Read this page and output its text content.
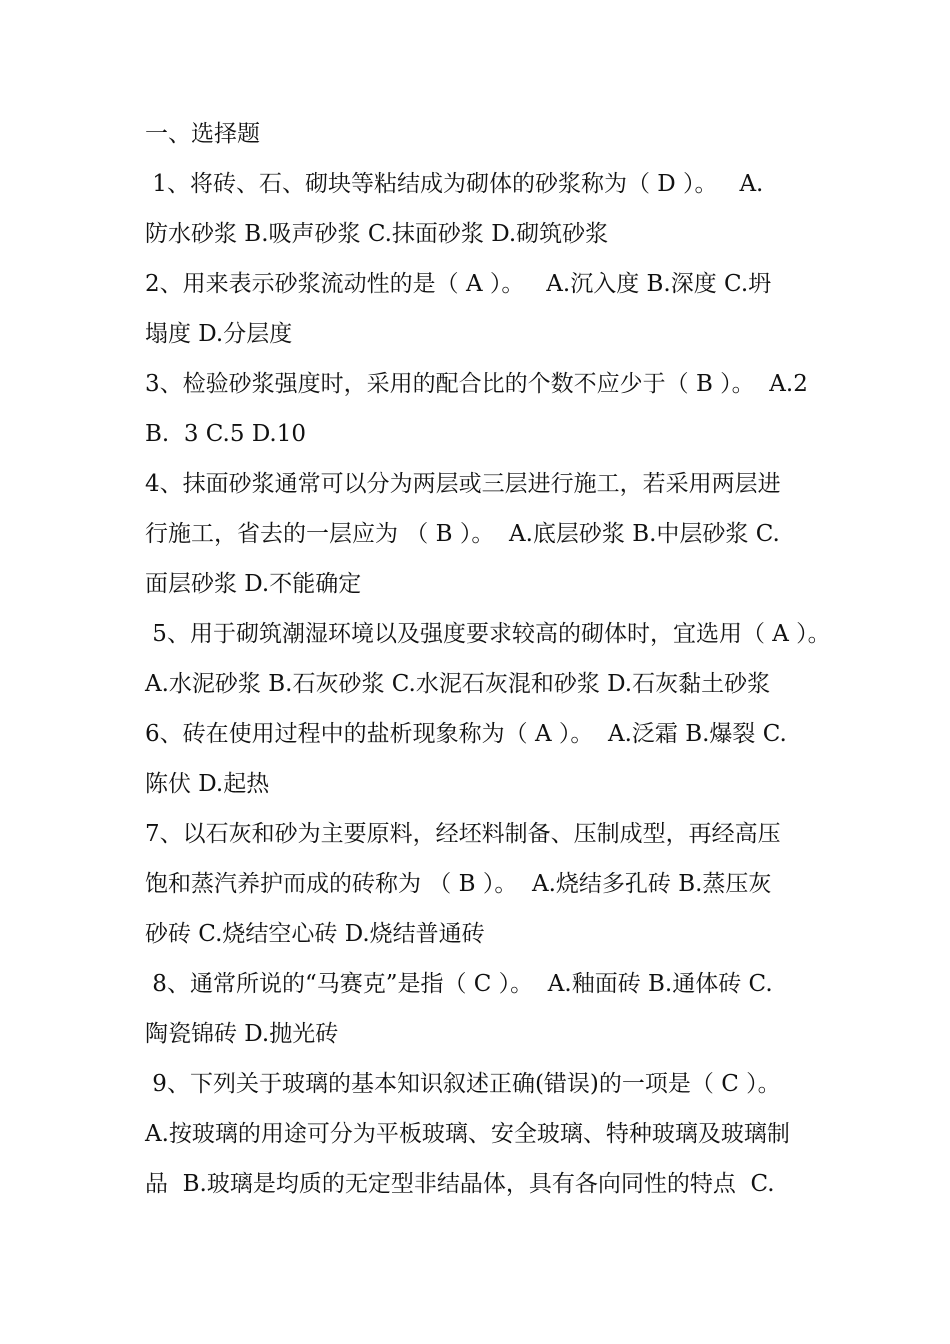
一、选择题
1、将砖、石、砌块等粘结成为砌体的砂浆称为（ D ）。   A.
防水砂浆 B.吸声砂浆 C.抹面砂浆 D.砌筑砂浆
2、用来表示砂浆流动性的是（ A ）。   A.沉入度 B.深度 C.坍
塌度 D.分层度
3、检验砂浆强度时，采用的配合比的个数不应少于（ B ）。  A.2
B.  3 C.5 D.10
4、抹面砂浆通常可以分为两层或三层进行施工，若采用两层进
行施工，省去的一层应为 （ B ）。  A.底层砂浆 B.中层砂浆 C.
面层砂浆 D.不能确定
5、用于砌筑潮湿环境以及强度要求较高的砌体时，宜选用（ A ）。
A.水泥砂浆 B.石灰砂浆 C.水泥石灰混和砂浆 D.石灰黏土砂浆
6、砖在使用过程中的盐析现象称为（ A ）。  A.泛霜 B.爆裂 C.
陈伏 D.起热
7、以石灰和砂为主要原料，经坯料制备、压制成型，再经高压
饱和蒸汽养护而成的砖称为 （ B ）。  A.烧结多孔砖 B.蒸压灰
砂砖 C.烧结空心砖 D.烧结普通砖
8、通常所说的“马赛克”是指（ C ）。  A.釉面砖 B.通体砖 C.
陶瓷锦砖 D.抛光砖
9、下列关于玻璃的基本知识叙述正确(错误)的一项是（ C ）。
A.按玻璃的用途可分为平板玻璃、安全玻璃、特种玻璃及玻璃制
品  B.玻璃是均质的无定型非结晶体，具有各向同性的特点  C.
